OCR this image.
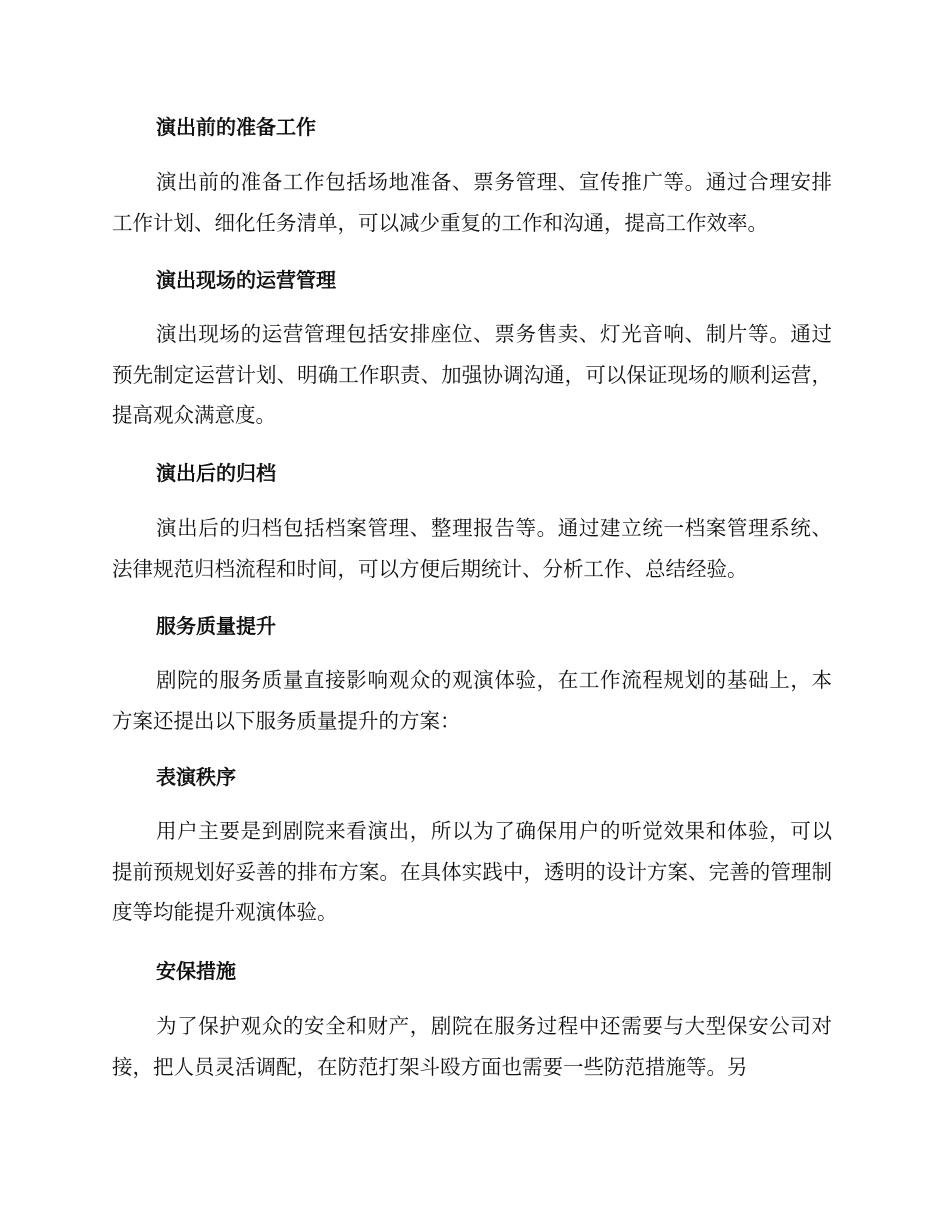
演出前的准备工作

演出前的准备工作包括场地准备、票务管理、宣传推广等。通过合理安排工作计划、细化任务清单，可以减少重复的工作和沟通，提高工作效率。

演出现场的运营管理

演出现场的运营管理包括安排座位、票务售卖、灯光音响、制片等。通过预先制定运营计划、明确工作职责、加强协调沟通，可以保证现场的顺利运营，提高观众满意度。

演出后的归档

演出后的归档包括档案管理、整理报告等。通过建立统一档案管理系统、法律规范归档流程和时间，可以方便后期统计、分析工作、总结经验。

服务质量提升

剧院的服务质量直接影响观众的观演体验，在工作流程规划的基础上，本方案还提出以下服务质量提升的方案：

表演秩序

用户主要是到剧院来看演出，所以为了确保用户的听觉效果和体验，可以提前预规划好妥善的排布方案。在具体实践中，透明的设计方案、完善的管理制度等均能提升观演体验。

安保措施

为了保护观众的安全和财产，剧院在服务过程中还需要与大型保安公司对接，把人员灵活调配，在防范打架斗殴方面也需要一些防范措施等。另
